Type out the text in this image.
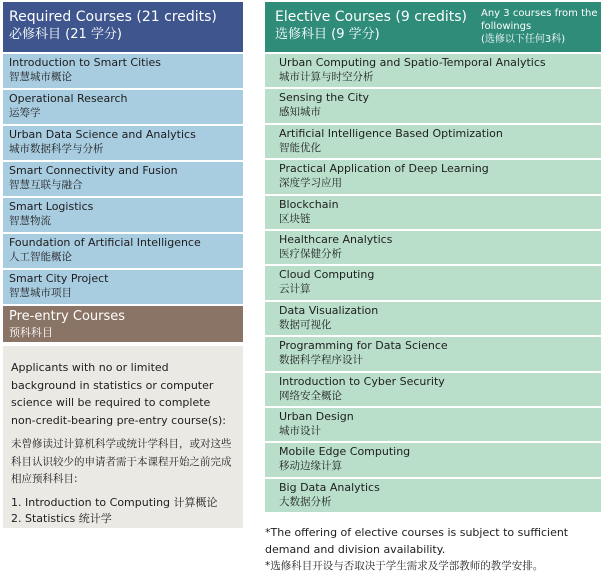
Required Courses (21 credits)
必修科目 (21 学分)
Introduction to Smart Cities
智慧城市概论
Operational Research
运筹学
Urban Data Science and Analytics
城市数据科学与分析
Smart Connectivity and Fusion
智慧互联与融合
Smart Logistics
智慧物流
Foundation of Artificial Intelligence
人工智能概论
Smart City Project
智慧城市项目
Pre-entry Courses
预科科目
Applicants with no or limited background in statistics or computer science will be required to complete non-credit-bearing pre-entry course(s):
未曾修读过计算机科学或统计学科目，或对这些科目认识较少的申请者需于本课程开始之前完成相应预科科目:
1. Introduction to Computing 计算概论
2. Statistics 统计学
Elective Courses (9 credits)
选修科目 (9 学分)
Any 3 courses from the followings
(选修以下任何3科)
Urban Computing and Spatio-Temporal Analytics
城市计算与时空分析
Sensing the City
感知城市
Artificial Intelligence Based Optimization
智能优化
Practical Application of Deep Learning
深度学习应用
Blockchain
区块链
Healthcare Analytics
医疗保健分析
Cloud Computing
云计算
Data Visualization
数据可视化
Programming for Data Science
数据科学程序设计
Introduction to Cyber Security
网络安全概论
Urban Design
城市设计
Mobile Edge Computing
移动边缘计算
Big Data Analytics
大数据分析
*The offering of elective courses is subject to sufficient demand and division availability.
*选修科目开设与否取决于学生需求及学部教师的教学安排。
